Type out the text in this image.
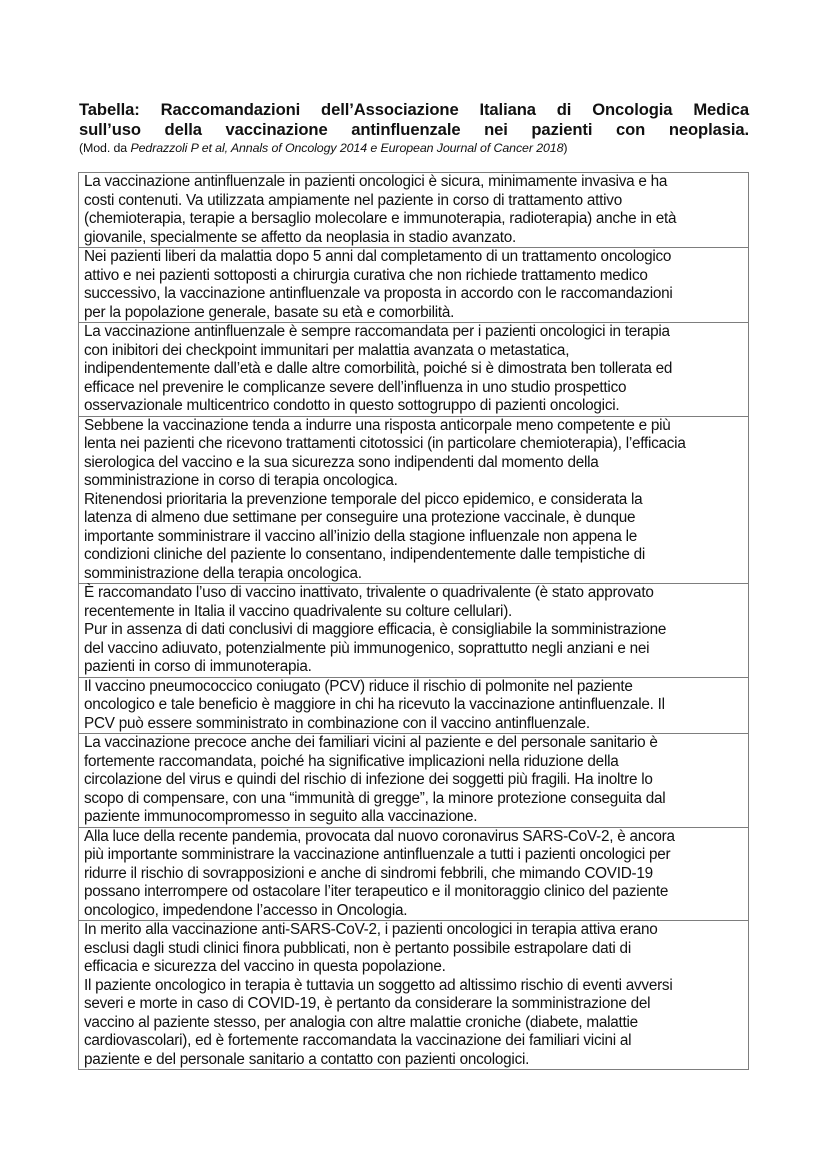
Tabella: Raccomandazioni dell’Associazione Italiana di Oncologia Medica
sull’uso della vaccinazione antinfluenzale nei pazienti con neoplasia.
(Mod. da Pedrazzoli P et al, Annals of Oncology 2014 e European Journal of Cancer 2018)
La vaccinazione antinfluenzale in pazienti oncologici è sicura, minimamente invasiva e ha
costi contenuti. Va utilizzata ampiamente nel paziente in corso di trattamento attivo
(chemioterapia, terapie a bersaglio molecolare e immunoterapia, radioterapia) anche in età
giovanile, specialmente se affetto da neoplasia in stadio avanzato.

Nei pazienti liberi da malattia dopo 5 anni dal completamento di un trattamento oncologico
attivo e nei pazienti sottoposti a chirurgia curativa che non richiede trattamento medico
successivo, la vaccinazione antinfluenzale va proposta in accordo con le raccomandazioni
per la popolazione generale, basate su età e comorbilità.

La vaccinazione antinfluenzale è sempre raccomandata per i pazienti oncologici in terapia
con inibitori dei checkpoint immunitari per malattia avanzata o metastatica,
indipendentemente dall’età e dalle altre comorbilità, poiché si è dimostrata ben tollerata ed
efficace nel prevenire le complicanze severe dell’influenza in uno studio prospettico
osservazionale multicentrico condotto in questo sottogruppo di pazienti oncologici.

Sebbene la vaccinazione tenda a indurre una risposta anticorpale meno competente e più
lenta nei pazienti che ricevono trattamenti citotossici (in particolare chemioterapia), l’efficacia
sierologica del vaccino e la sua sicurezza sono indipendenti dal momento della
somministrazione in corso di terapia oncologica.
Ritenendosi prioritaria la prevenzione temporale del picco epidemico, e considerata la
latenza di almeno due settimane per conseguire una protezione vaccinale, è dunque
importante somministrare il vaccino all’inizio della stagione influenzale non appena le
condizioni cliniche del paziente lo consentano, indipendentemente dalle tempistiche di
somministrazione della terapia oncologica.

È raccomandato l’uso di vaccino inattivato, trivalente o quadrivalente (è stato approvato
recentemente in Italia il vaccino quadrivalente su colture cellulari).
Pur in assenza di dati conclusivi di maggiore efficacia, è consigliabile la somministrazione
del vaccino adiuvato, potenzialmente più immunogenico, soprattutto negli anziani e nei
pazienti in corso di immunoterapia.

Il vaccino pneumococcico coniugato (PCV) riduce il rischio di polmonite nel paziente
oncologico e tale beneficio è maggiore in chi ha ricevuto la vaccinazione antinfluenzale. Il
PCV può essere somministrato in combinazione con il vaccino antinfluenzale.

La vaccinazione precoce anche dei familiari vicini al paziente e del personale sanitario è
fortemente raccomandata, poiché ha significative implicazioni nella riduzione della
circolazione del virus e quindi del rischio di infezione dei soggetti più fragili. Ha inoltre lo
scopo di compensare, con una “immunità di gregge”, la minore protezione conseguita dal
paziente immunocompromesso in seguito alla vaccinazione.

Alla luce della recente pandemia, provocata dal nuovo coronavirus SARS-CoV-2, è ancora
più importante somministrare la vaccinazione antinfluenzale a tutti i pazienti oncologici per
ridurre il rischio di sovrapposizioni e anche di sindromi febbrili, che mimando COVID-19
possano interrompere od ostacolare l’iter terapeutico e il monitoraggio clinico del paziente
oncologico, impedendone l’accesso in Oncologia.

In merito alla vaccinazione anti-SARS-CoV-2, i pazienti oncologici in terapia attiva erano
esclusi dagli studi clinici finora pubblicati, non è pertanto possibile estrapolare dati di
efficacia e sicurezza del vaccino in questa popolazione.
Il paziente oncologico in terapia è tuttavia un soggetto ad altissimo rischio di eventi avversi
severi e morte in caso di COVID-19, è pertanto da considerare la somministrazione del
vaccino al paziente stesso, per analogia con altre malattie croniche (diabete, malattie
cardiovascolari), ed è fortemente raccomandata la vaccinazione dei familiari vicini al
paziente e del personale sanitario a contatto con pazienti oncologici.
